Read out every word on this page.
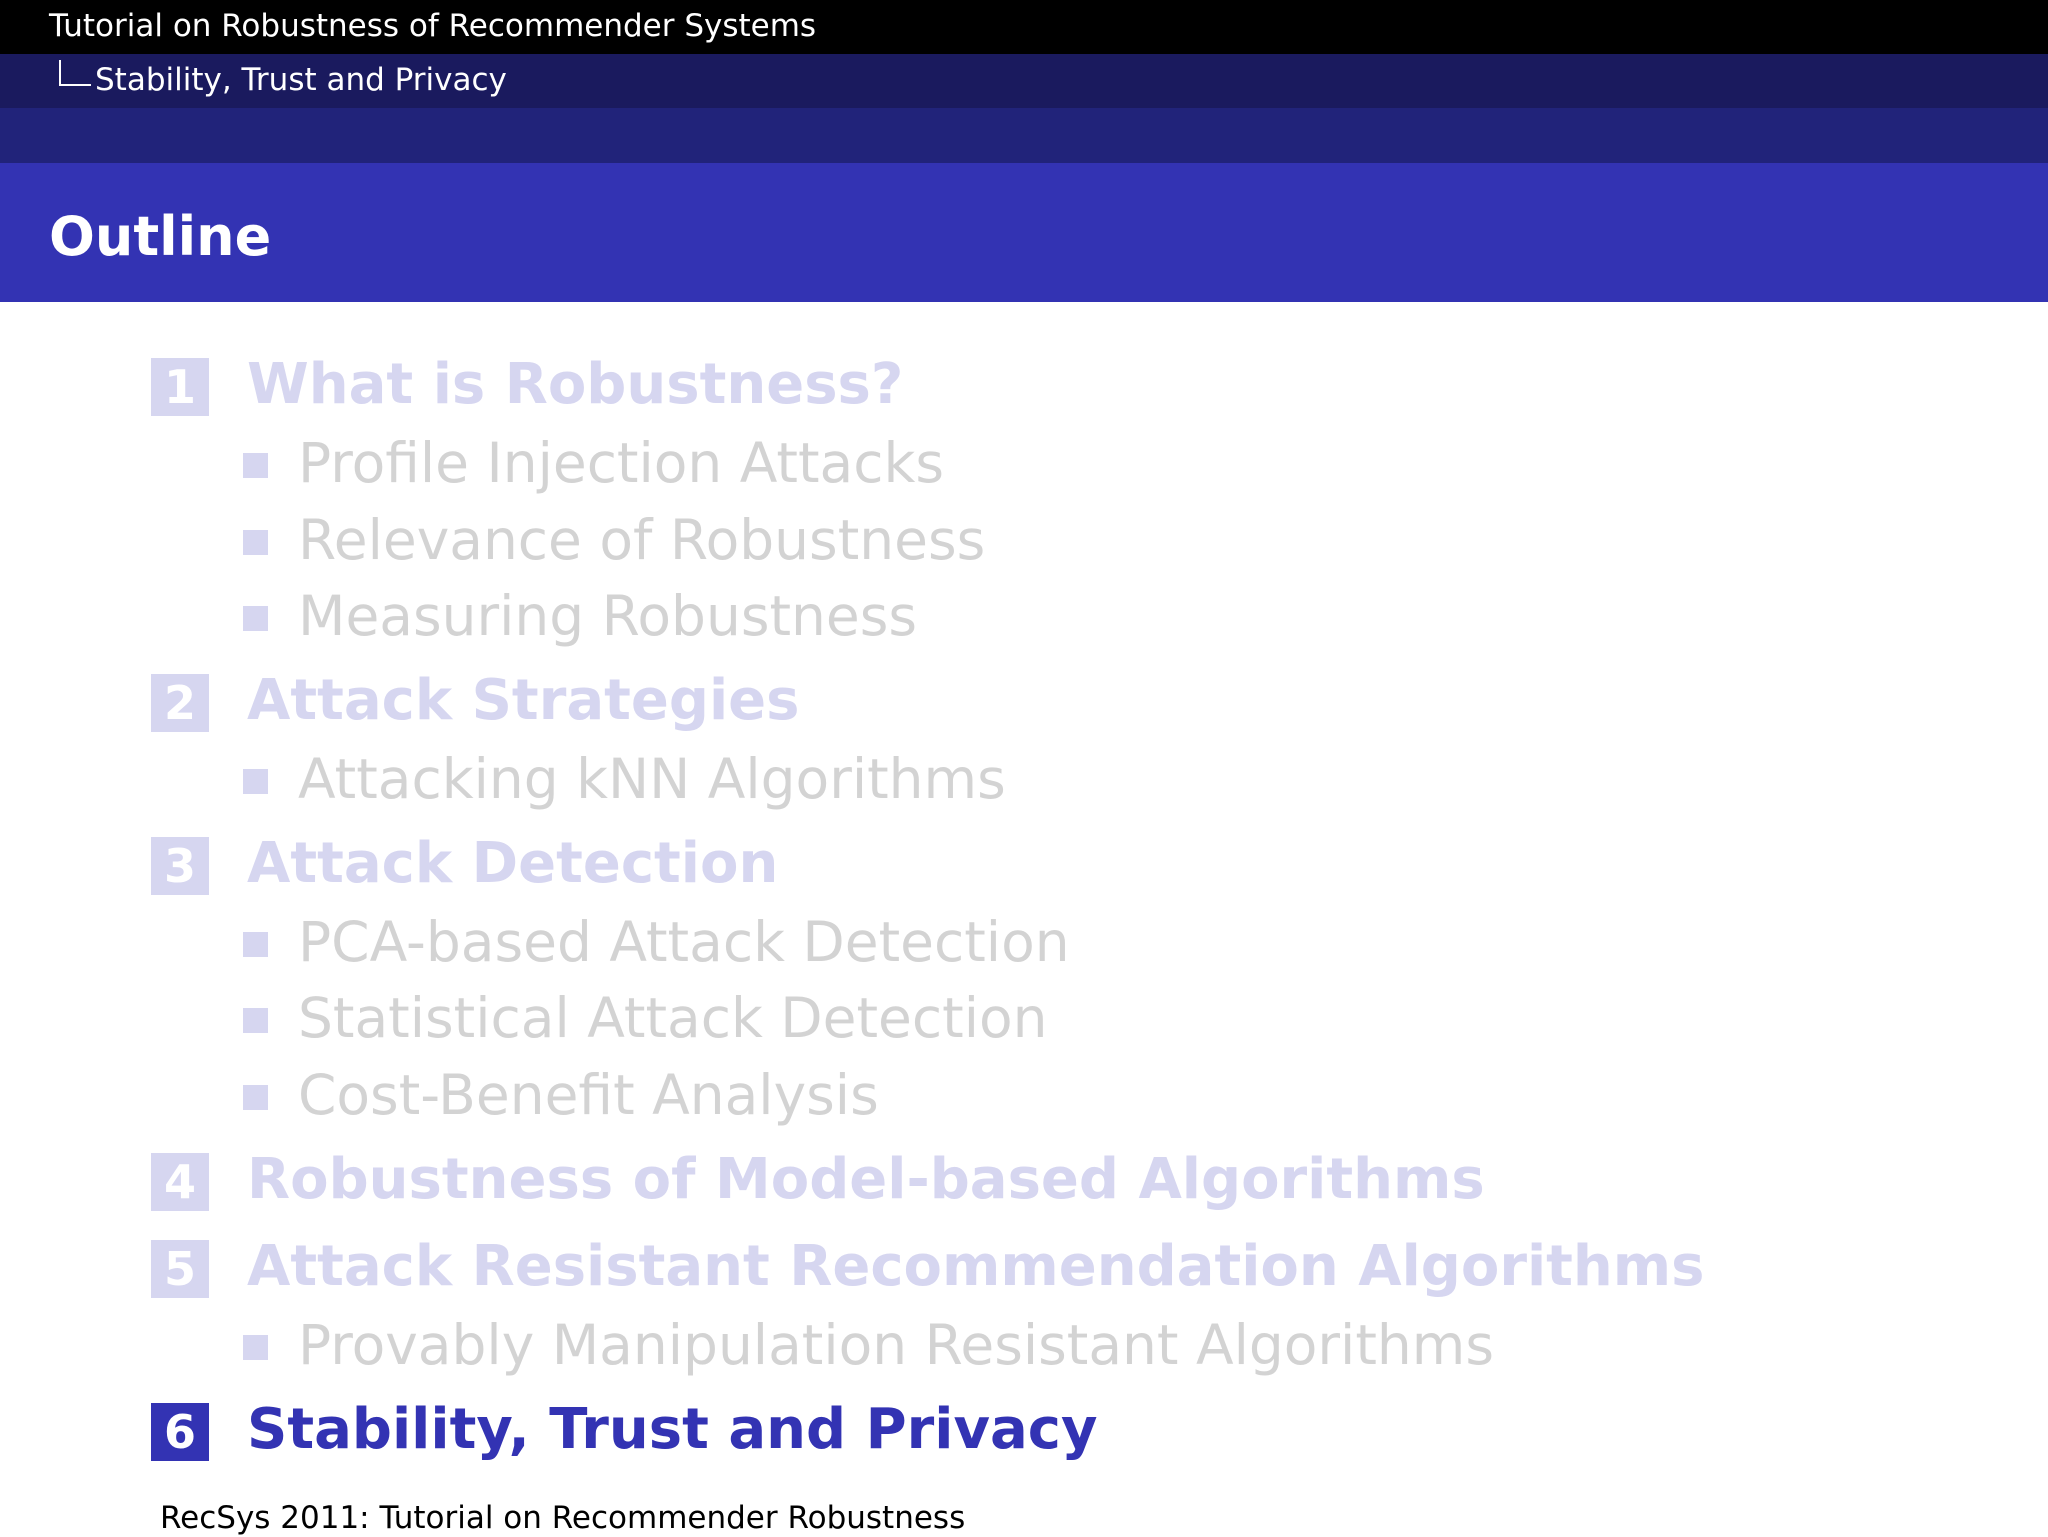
Tutorial on Robustness of Recommender Systems
Stability, Trust and Privacy
Outline
1 What is Robustness?
Profile Injection Attacks
Relevance of Robustness
Measuring Robustness
2 Attack Strategies
Attacking kNN Algorithms
3 Attack Detection
PCA-based Attack Detection
Statistical Attack Detection
Cost-Benefit Analysis
4 Robustness of Model-based Algorithms
5 Attack Resistant Recommendation Algorithms
Provably Manipulation Resistant Algorithms
6 Stability, Trust and Privacy
RecSys 2011: Tutorial on Recommender Robustness
